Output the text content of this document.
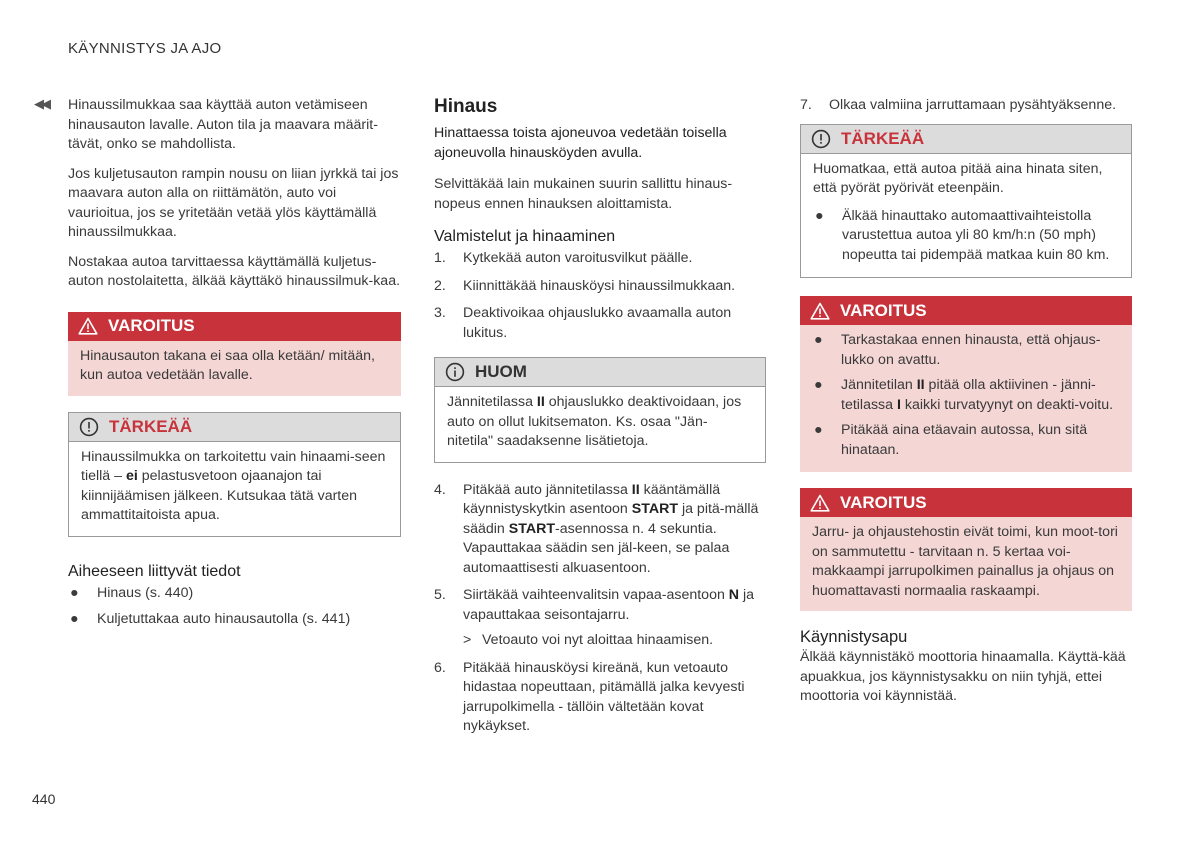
KÄYNNISTYS JA AJO
◀◀
440

Hinaussilmukkaa saa käyttää auton vetämiseen hinausauton lavalle. Auton tila ja maavara määrit-tävät, onko se mahdollista.

Jos kuljetusauton rampin nousu on liian jyrkkä tai jos maavara auton alla on riittämätön, auto voi vaurioitua, jos se yritetään vetää ylös käyttämällä hinaussilmukkaa.

Nostakaa autoa tarvittaessa käyttämällä kuljetus-auton nostolaitetta, älkää käyttäkö hinaussilmuk-kaa.

VAROITUS
Hinausauton takana ei saa olla ketään/ mitään, kun autoa vedetään lavalle.
TÄRKEÄÄ
Hinaussilmukka on tarkoitettu vain hinaami-seen tiellä – ei pelastusvetoon ojaanajon tai kiinnijäämisen jälkeen. Kutsukaa tätä varten ammattitaitoista apua.
Aiheeseen liittyvät tiedot
● Hinaus (s. 440)
● Kuljetuttakaa auto hinausautolla (s. 441)
Hinaus

Hinattaessa toista ajoneuvoa vedetään toisella ajoneuvolla hinausköyden avulla.

Selvittäkää lain mukainen suurin sallittu hinaus-nopeus ennen hinauksen aloittamista.

Valmistelut ja hinaaminen
1. Kytkekää auton varoitusvilkut päälle.
2. Kiinnittäkää hinausköysi hinaussilmukkaan.
3. Deaktivoikaa ohjauslukko avaamalla auton lukitus.
HUOM
Jännitetilassa II ohjauslukko deaktivoidaan, jos auto on ollut lukitsematon. Ks. osaa "Jän-nitetila" saadaksenne lisätietoja.
4. Pitäkää auto jännitetilassa II kääntämällä käynnistyskytkin asentoon START ja pitä-mällä säädin START-asennossa n. 4 sekuntia. Vapauttakaa säädin sen jäl-keen, se palaa automaattisesti alkuasentoon.
5. Siirtäkää vaihteenvalitsin vapaa-asentoon N ja vapauttakaa seisontajarru.
> Vetoauto voi nyt aloittaa hinaamisen.
6. Pitäkää hinausköysi kireänä, kun vetoauto hidastaa nopeuttaan, pitämällä jalka kevyesti jarrupolkimella - tällöin vältetään kovat nykäykset.
7. Olkaa valmiina jarruttamaan pysähtyäksenne.
TÄRKEÄÄ

Huomatkaa, että autoa pitää aina hinata siten, että pyörät pyörivät eteenpäin.

● Älkää hinauttako automaattivaihteistolla varustettua autoa yli 80 km/h:n (50 mph) nopeutta tai pidempää matkaa kuin 80 km.
VAROITUS
● Tarkastakaa ennen hinausta, että ohjaus-lukko on avattu.
● Jännitetilan II pitää olla aktiivinen - jänni-tetilassa I kaikki turvatyynyt on deakti-voitu.
● Pitäkää aina etäavain autossa, kun sitä hinataan.
VAROITUS
Jarru- ja ohjaustehostin eivät toimi, kun moot-tori on sammutettu - tarvitaan n. 5 kertaa voi-makkaampi jarrupolkimen painallus ja ohjaus on huomattavasti normaalia raskaampi.
Käynnistysapu

Älkää käynnistäkö moottoria hinaamalla. Käyttä-kää apuakkua, jos käynnistysakku on niin tyhjä, ettei moottoria voi käynnistää.
